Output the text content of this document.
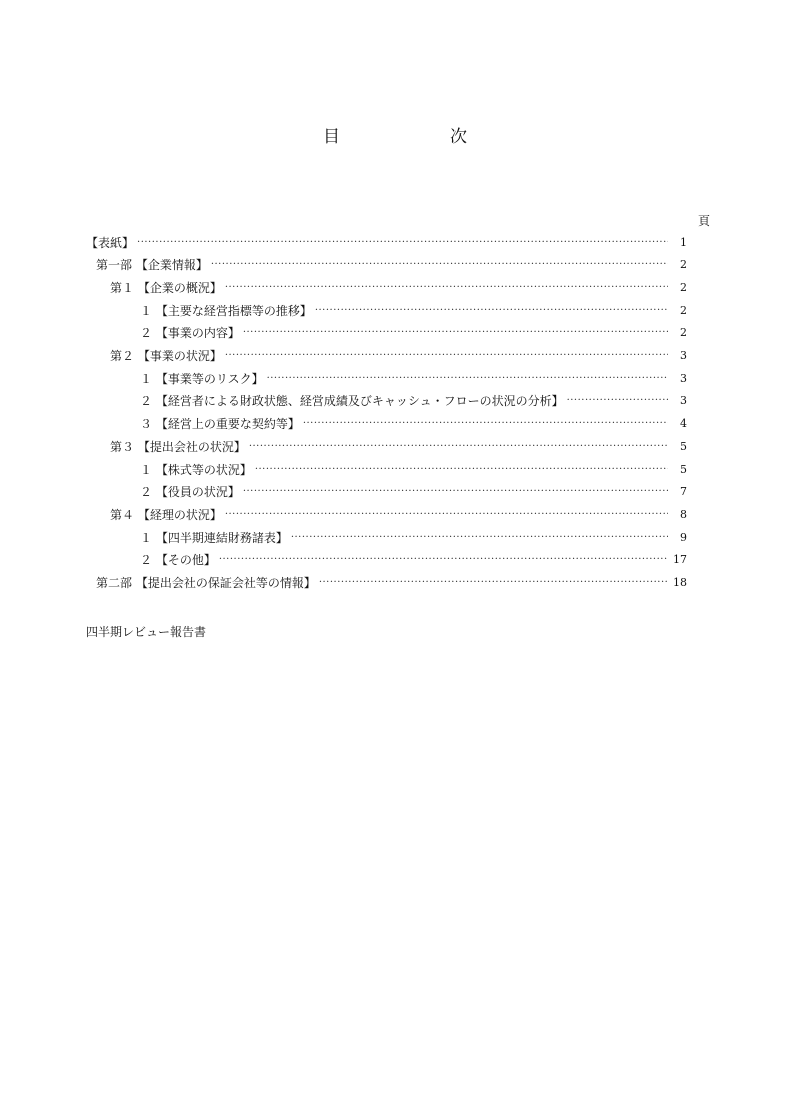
目	次
頁
【表紙】 ·····	1
第一部 【企業情報】 ·····	2
第１ 【企業の概況】 ·····	2
１ 【主要な経営指標等の推移】 ·····	2
２ 【事業の内容】 ·····	2
第２ 【事業の状況】 ·····	3
１ 【事業等のリスク】 ·····	3
２ 【経営者による財政状態、経営成績及びキャッシュ・フローの状況の分析】 ·····	3
３ 【経営上の重要な契約等】 ·····	4
第３ 【提出会社の状況】 ·····	5
１ 【株式等の状況】 ·····	5
２ 【役員の状況】 ·····	7
第４ 【経理の状況】 ·····	8
１ 【四半期連結財務諸表】 ·····	9
２ 【その他】 ·····	17
第二部 【提出会社の保証会社等の情報】 ·····	18
四半期レビュー報告書
